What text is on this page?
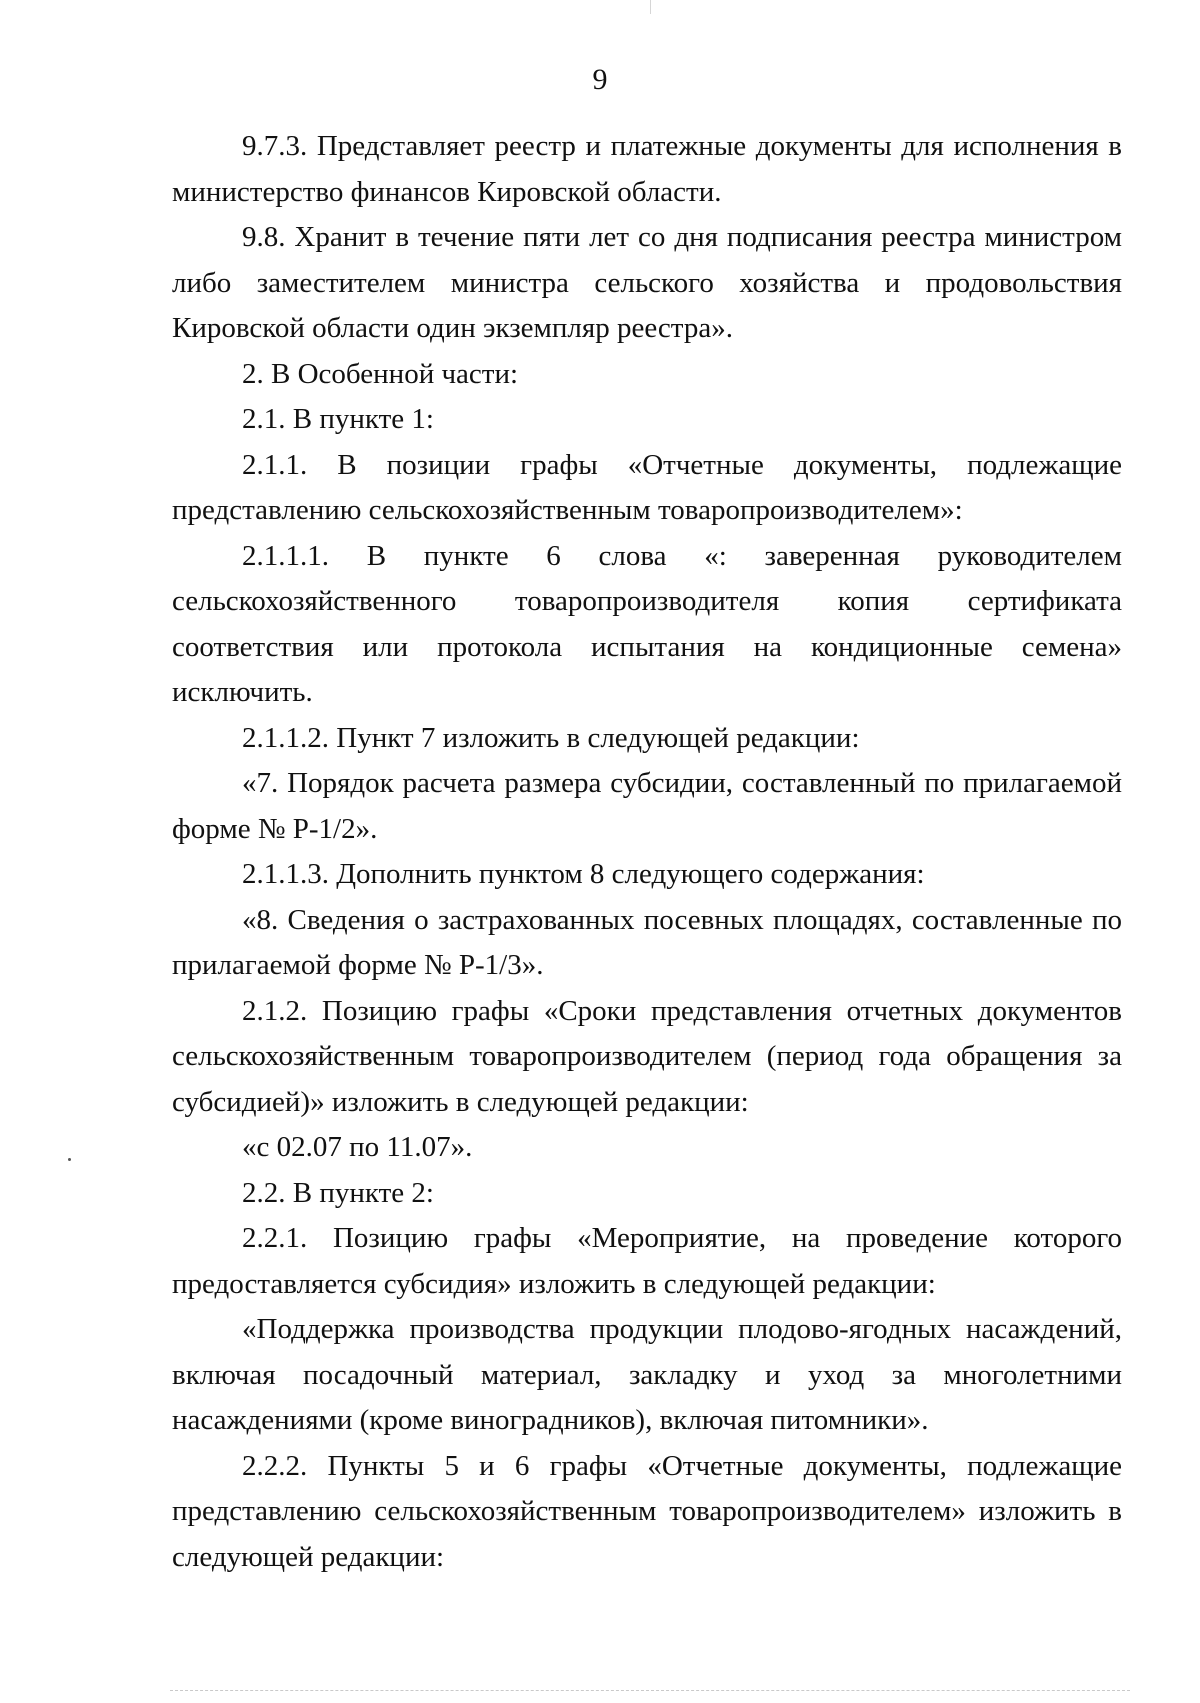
9

9.7.3. Представляет реестр и платежные документы для исполнения в министерство финансов Кировской области.

9.8. Хранит в течение пяти лет со дня подписания реестра министром либо заместителем министра сельского хозяйства и продовольствия Кировской области один экземпляр реестра».

2. В Особенной части:

2.1. В пункте 1:

2.1.1. В позиции графы «Отчетные документы, подлежащие представлению сельскохозяйственным товаропроизводителем»:

2.1.1.1. В пункте 6 слова «: заверенная руководителем сельскохозяйственного товаропроизводителя копия сертификата соответствия или протокола испытания на кондиционные семена» исключить.

2.1.1.2. Пункт 7 изложить в следующей редакции:

«7. Порядок расчета размера субсидии, составленный по прилагаемой форме № Р-1/2».

2.1.1.3. Дополнить пунктом 8 следующего содержания:

«8. Сведения о застрахованных посевных площадях, составленные по прилагаемой форме № Р-1/3».

2.1.2. Позицию графы «Сроки представления отчетных документов сельскохозяйственным товаропроизводителем (период года обращения за субсидией)» изложить в следующей редакции:

«с 02.07 по 11.07».

2.2. В пункте 2:

2.2.1. Позицию графы «Мероприятие, на проведение которого предоставляется субсидия» изложить в следующей редакции:

«Поддержка производства продукции плодово-ягодных насаждений, включая посадочный материал, закладку и уход за многолетними насаждениями (кроме виноградников), включая питомники».

2.2.2. Пункты 5 и 6 графы «Отчетные документы, подлежащие представлению сельскохозяйственным товаропроизводителем» изложить в следующей редакции:
